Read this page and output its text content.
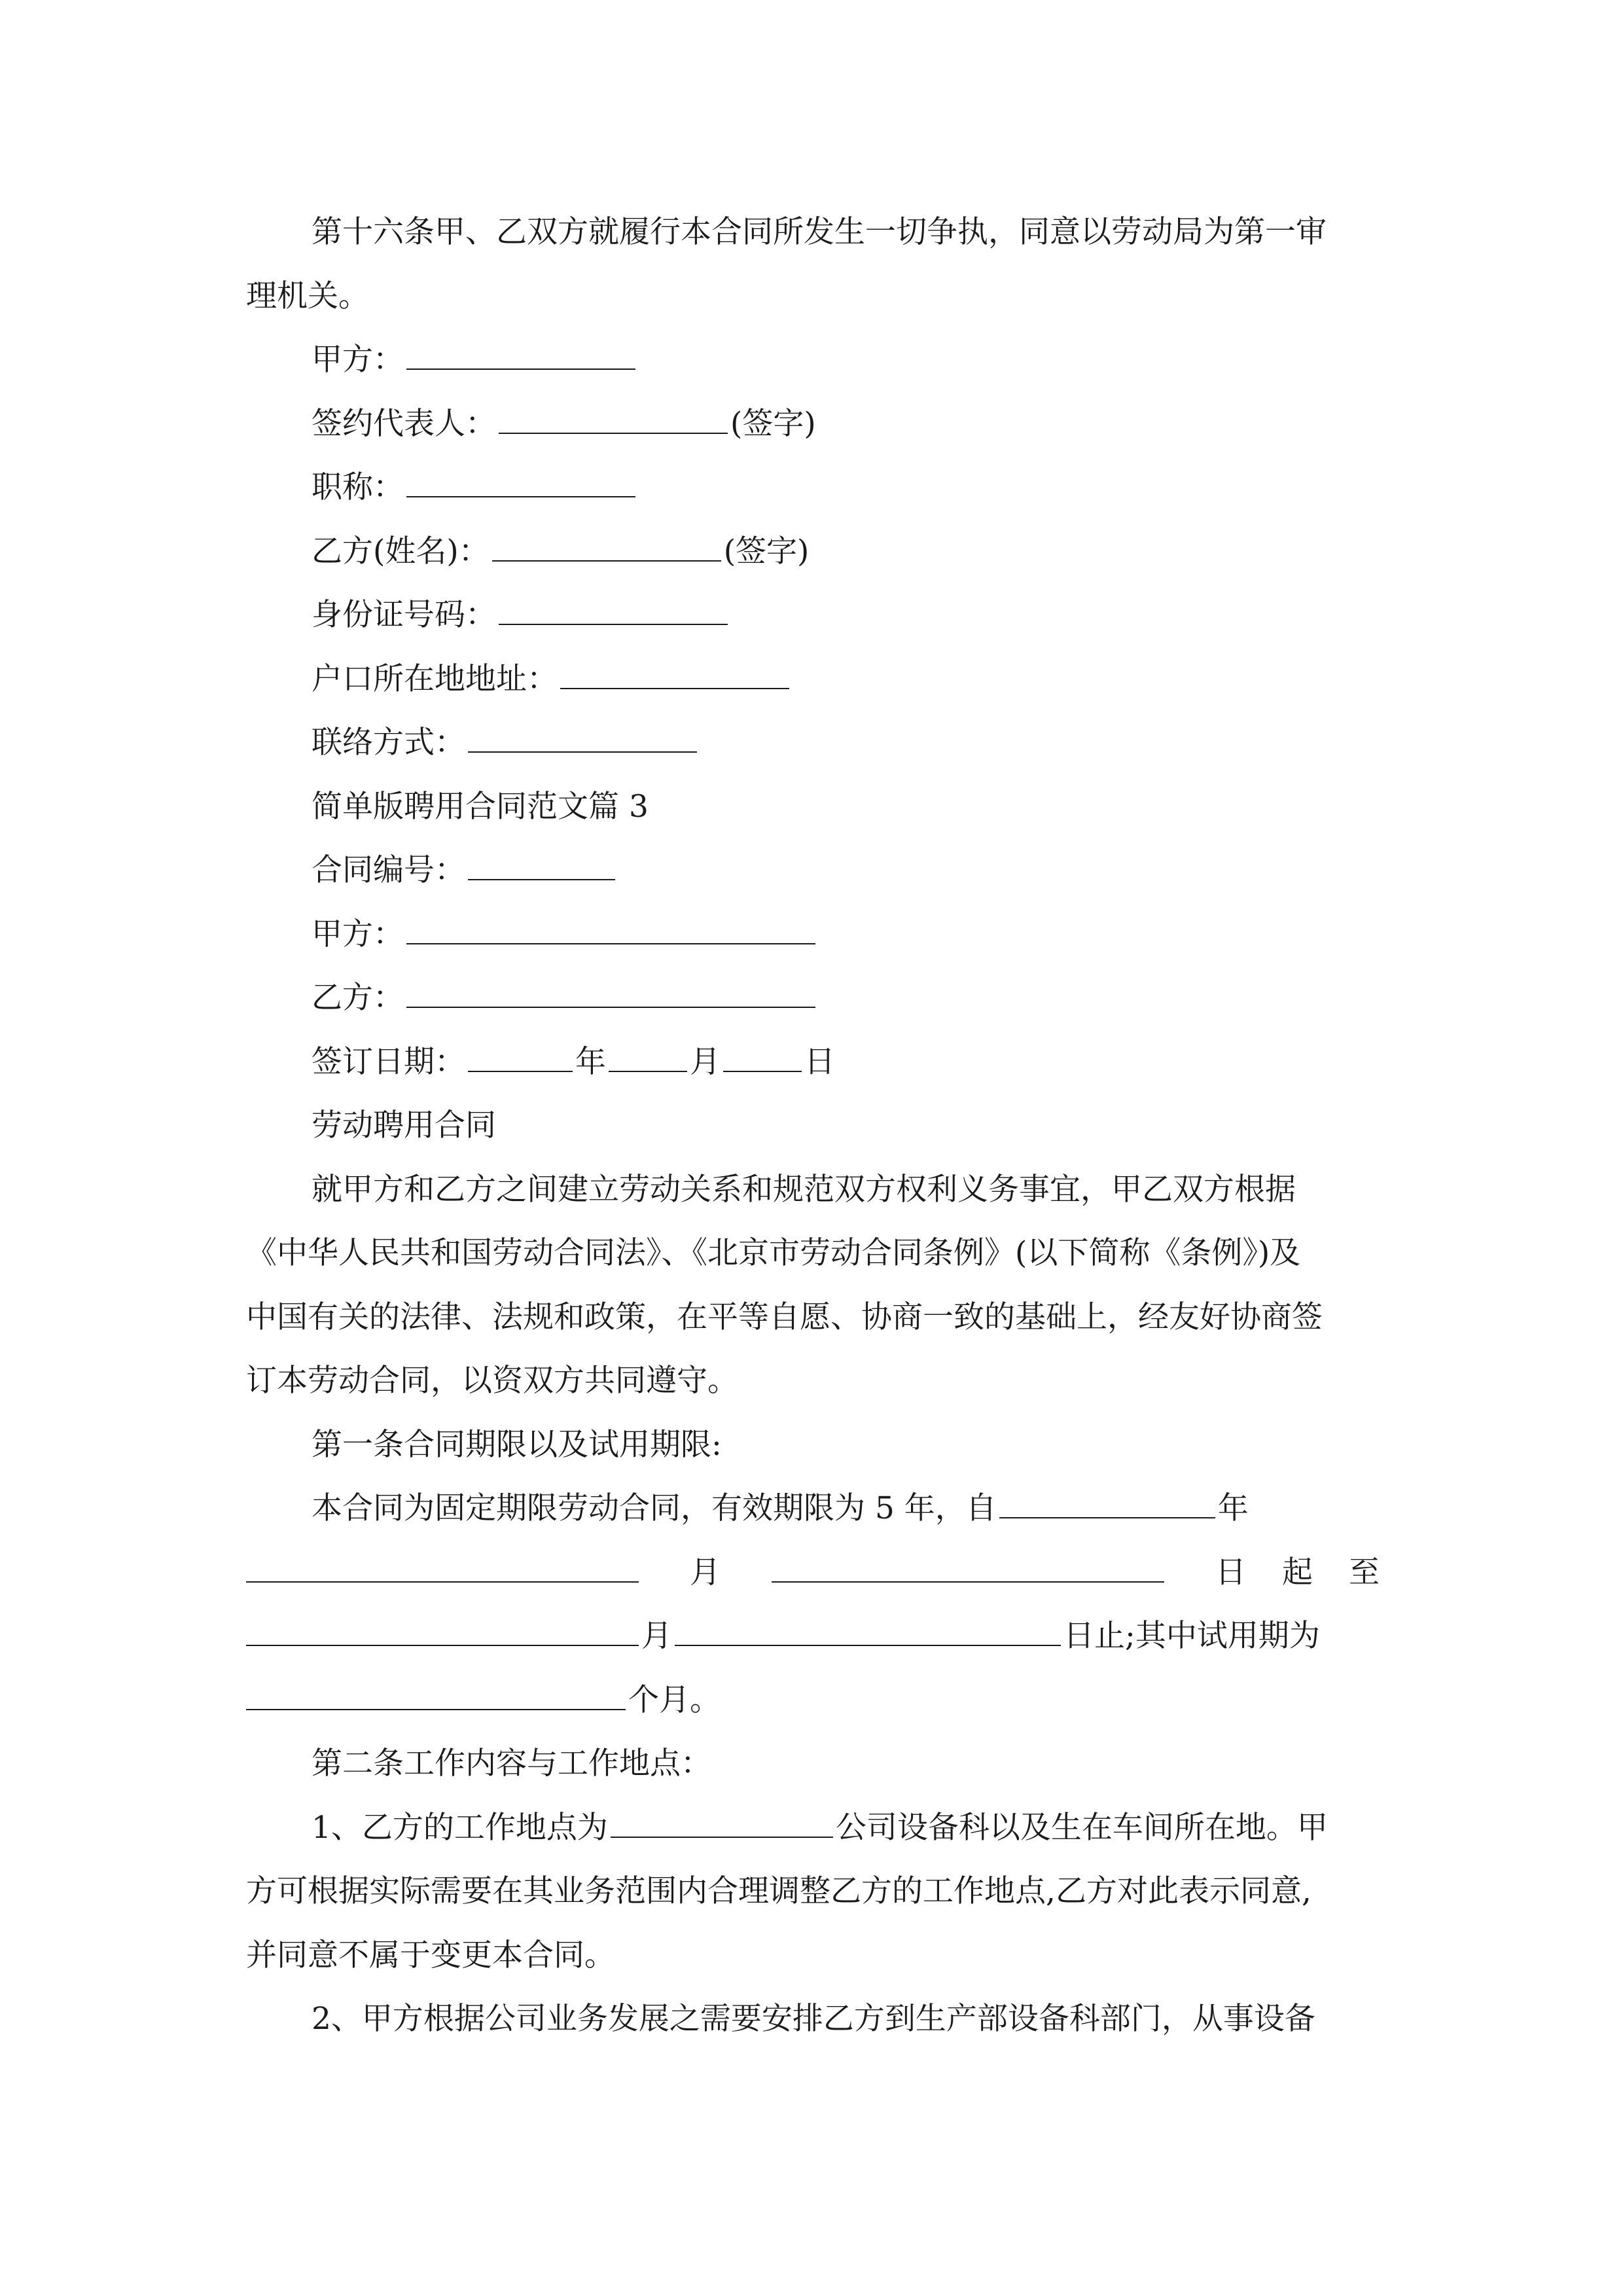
第十六条甲、乙双方就履行本合同所发生一切争执，同意以劳动局为第一审

理机关。

甲方：

签约代表人：	(签字)

职称：

乙方(姓名)：	(签字)

身份证号码：

户口所在地地址：

联络方式：

简单版聘用合同范文篇 3

合同编号：

甲方：

乙方：

签订日期：	年	月	日

劳动聘用合同

就甲方和乙方之间建立劳动关系和规范双方权利义务事宜，甲乙双方根据

《中华人民共和国劳动合同法》、《北京市劳动合同条例》(以下简称《条例》)及

中国有关的法律、法规和政策，在平等自愿、协商一致的基础上，经友好协商签

订本劳动合同，以资双方共同遵守。

第一条合同期限以及试用期限:

本合同为固定期限劳动合同，有效期限为 5 年，自	年

月	日 起 至

月	日止;其中试用期为

个月。

第二条工作内容与工作地点：

1、乙方的工作地点为	公司设备科以及生在车间所在地。甲

方可根据实际需要在其业务范围内合理调整乙方的工作地点,乙方对此表示同意,

并同意不属于变更本合同。

2、甲方根据公司业务发展之需要安排乙方到生产部设备科部门，从事设备
